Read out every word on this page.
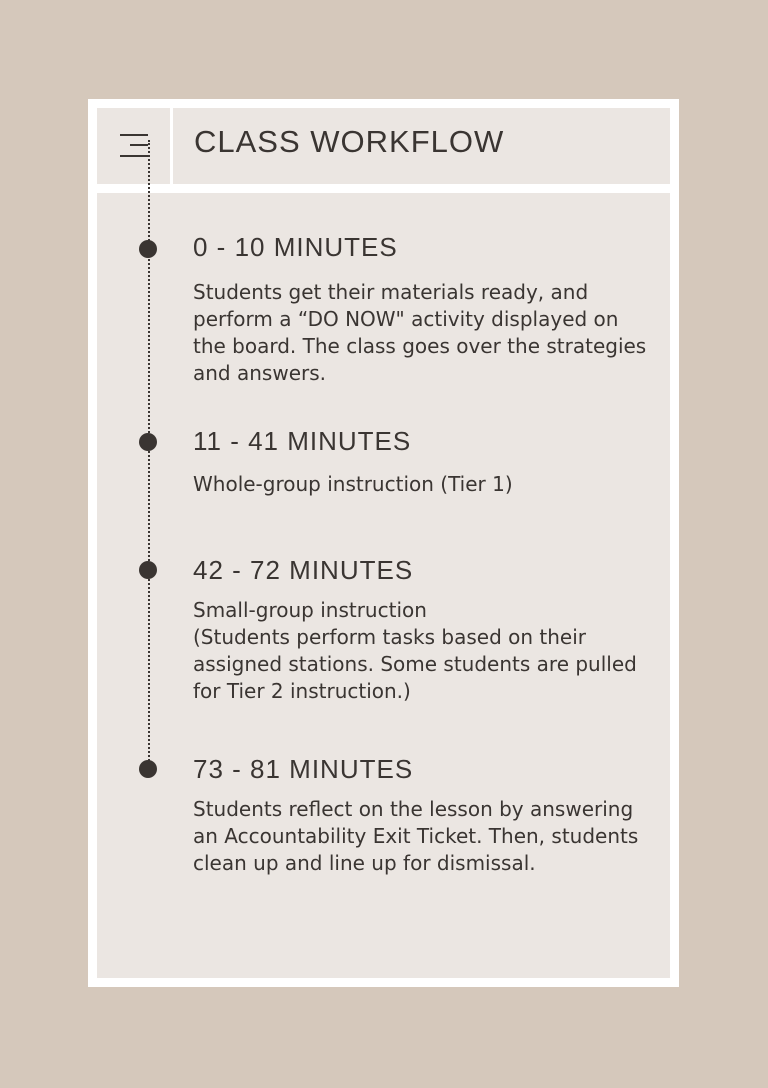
CLASS WORKFLOW
0 - 10 MINUTES
Students get their materials ready, and perform a “DO NOW" activity displayed on the board. The class goes over the strategies and answers.
11 - 41 MINUTES
Whole-group instruction (Tier 1)
42 - 72 MINUTES
Small-group instruction
(Students perform tasks based on their assigned stations. Some students are pulled for Tier 2 instruction.)
73 - 81 MINUTES
Students reflect on the lesson by answering an Accountability Exit Ticket. Then, students clean up and line up for dismissal.
